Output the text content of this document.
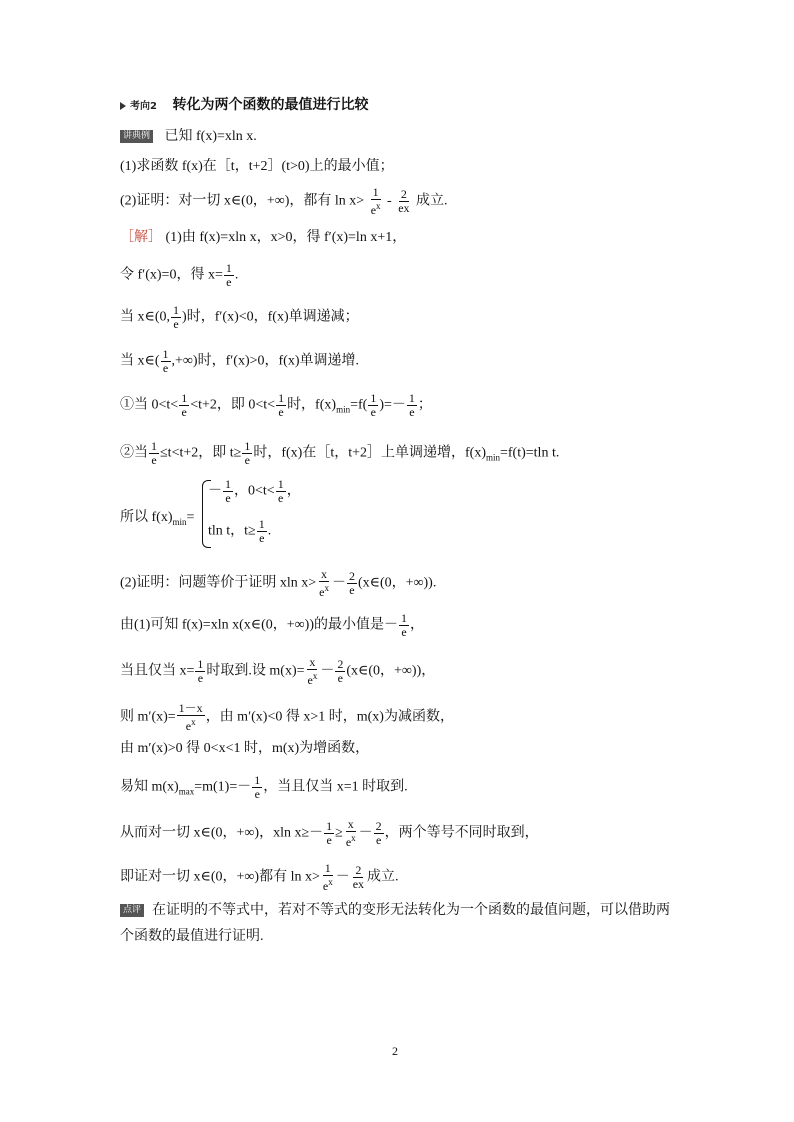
考向2 转化为两个函数的最值进行比较
讲典例 已知 f(x)=xln x.
(1)求函数 f(x)在［t，t+2］(t>0)上的最小值；
(2)证明：对一切 x∈(0，+∞)，都有 $\ln x> \frac{1}{e^x} - \frac{2}{ex}$ 成立.
［解］ (1)由 f(x)=xln x，x>0，得 f′(x)=ln x+1，
令 f′(x)=0，得 $x= \frac{1}{e}$ .
当 x∈(0, $\frac{1}{e}$ )时，f′(x)<0，f(x)单调递减；
当 x∈( $\frac{1}{e}$ ,+∞)时，f′(x)>0，f(x)单调递增.
①当 $0<t< \frac{1}{e} <t+2$，即 $0<t< \frac{1}{e}$ 时，$f(x)_{min}=f( \frac{1}{e}$ )=－ $\frac{1}{e}$ ；
②当 $\frac{1}{e} \le t<t+2$，即 $t\ge \frac{1}{e}$ 时，f(x)在［t，t+2］上单调递增，$f(x)_{min}=f(t)=tln$ t.
所以 $f(x)_{min}=$
－ $\frac{1}{e}$ ，$0<t< \frac{1}{e}$ ，
tln t，$t\ge \frac{1}{e}$ .
(2)证明：问题等价于证明 xln $x> \frac{x}{e^x} - \frac{2}{e}$ (x∈(0，+∞)).
由(1)可知 f(x)=xln x(x∈(0，+∞))的最小值是－ $\frac{1}{e}$ ，
当且仅当 $x= \frac{1}{e}$ 时取到.设 $m(x)= \frac{x}{e^x} - \frac{2}{e}$ (x∈(0，+∞))，
则 $m'(x)= \frac{1-x}{e^x}$ ，由 m′(x)<0 得 x>1 时，m(x)为减函数，
由 m′(x)>0 得 0<x<1 时，m(x)为增函数，
易知 $m(x)_{max}=m(1)=- \frac{1}{e}$ ，当且仅当 x=1 时取到.
从而对一切 x∈(0，+∞)，xln $x\ge- \frac{1}{e} \ge \frac{x}{e^x} - \frac{2}{e}$ ，两个等号不同时取到，
即证对一切 x∈(0，+∞)都有 $\ln x> \frac{1}{e^x} - \frac{2}{ex}$ 成立.
点评 在证明的不等式中，若对不等式的变形无法转化为一个函数的最值问题，可以借助两个函数的最值进行证明.
2
